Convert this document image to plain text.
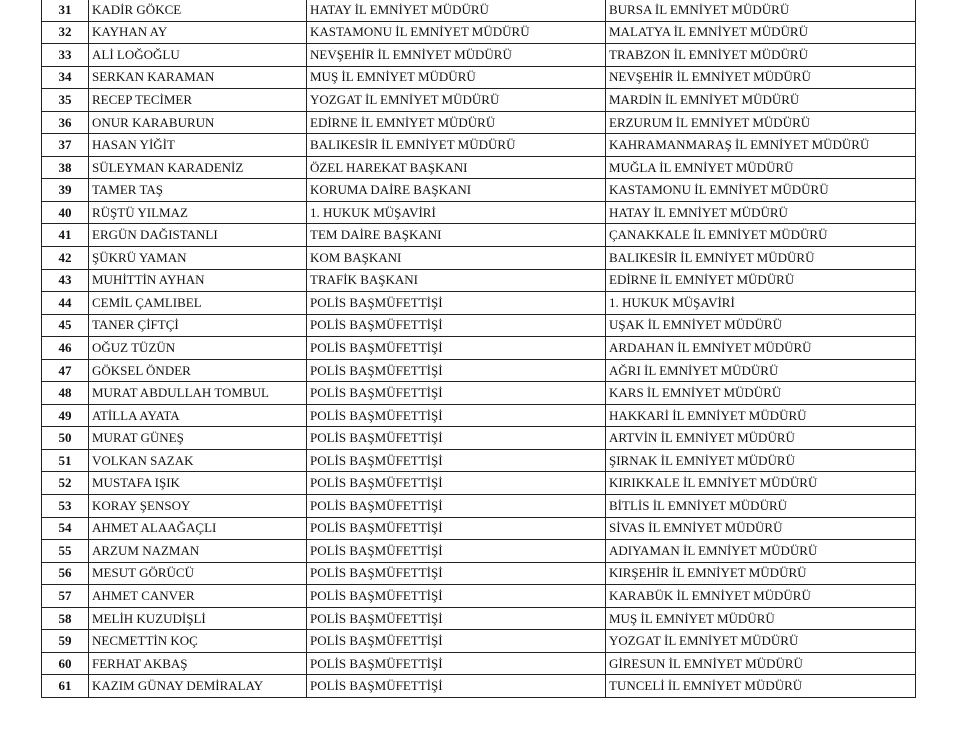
31	KADİR GÖKCE	HATAY İL EMNİYET MÜDÜRÜ	BURSA İL EMNİYET MÜDÜRÜ
32	KAYHAN AY	KASTAMONU İL EMNİYET MÜDÜRÜ	MALATYA İL EMNİYET MÜDÜRÜ
33	ALİ LOĞOĞLU	NEVŞEHİR İL EMNİYET MÜDÜRÜ	TRABZON İL EMNİYET MÜDÜRÜ
34	SERKAN KARAMAN	MUŞ İL EMNİYET MÜDÜRÜ	NEVŞEHİR İL EMNİYET MÜDÜRÜ
35	RECEP TECİMER	YOZGAT İL EMNİYET MÜDÜRÜ	MARDİN İL EMNİYET MÜDÜRÜ
36	ONUR KARABURUN	EDİRNE İL EMNİYET MÜDÜRÜ	ERZURUM İL EMNİYET MÜDÜRÜ
37	HASAN YİĞİT	BALIKESİR İL EMNİYET MÜDÜRÜ	KAHRAMANMARAŞ İL EMNİYET MÜDÜRÜ
38	SÜLEYMAN KARADENİZ	ÖZEL HAREKAT BAŞKANI	MUĞLA İL EMNİYET MÜDÜRÜ
39	TAMER TAŞ	KORUMA DAİRE BAŞKANI	KASTAMONU İL EMNİYET MÜDÜRÜ
40	RÜŞTÜ YILMAZ	1. HUKUK MÜŞAVİRİ	HATAY İL EMNİYET MÜDÜRÜ
41	ERGÜN DAĞISTANLI	TEM DAİRE BAŞKANI	ÇANAKKALE İL EMNİYET MÜDÜRÜ
42	ŞÜKRÜ YAMAN	KOM BAŞKANI	BALIKESİR İL EMNİYET MÜDÜRÜ
43	MUHİTTİN AYHAN	TRAFİK BAŞKANI	EDİRNE İL EMNİYET MÜDÜRÜ
44	CEMİL ÇAMLIBEL	POLİS BAŞMÜFETTİŞİ	1. HUKUK MÜŞAVİRİ
45	TANER ÇİFTÇİ	POLİS BAŞMÜFETTİŞİ	UŞAK İL EMNİYET MÜDÜRÜ
46	OĞUZ TÜZÜN	POLİS BAŞMÜFETTİŞİ	ARDAHAN İL EMNİYET MÜDÜRÜ
47	GÖKSEL ÖNDER	POLİS BAŞMÜFETTİŞİ	AĞRI İL EMNİYET MÜDÜRÜ
48	MURAT ABDULLAH TOMBUL	POLİS BAŞMÜFETTİŞİ	KARS İL EMNİYET MÜDÜRÜ
49	ATİLLA AYATA	POLİS BAŞMÜFETTİŞİ	HAKKARİ İL EMNİYET MÜDÜRÜ
50	MURAT GÜNEŞ	POLİS BAŞMÜFETTİŞİ	ARTVİN İL EMNİYET MÜDÜRÜ
51	VOLKAN SAZAK	POLİS BAŞMÜFETTİŞİ	ŞIRNAK İL EMNİYET MÜDÜRÜ
52	MUSTAFA IŞIK	POLİS BAŞMÜFETTİŞİ	KIRIKKALE İL EMNİYET MÜDÜRÜ
53	KORAY ŞENSOY	POLİS BAŞMÜFETTİŞİ	BİTLİS İL EMNİYET MÜDÜRÜ
54	AHMET ALAAĞAÇLI	POLİS BAŞMÜFETTİŞİ	SİVAS İL EMNİYET MÜDÜRÜ
55	ARZUM NAZMAN	POLİS BAŞMÜFETTİŞİ	ADIYAMAN İL EMNİYET MÜDÜRÜ
56	MESUT GÖRÜCÜ	POLİS BAŞMÜFETTİŞİ	KIRŞEHİR İL EMNİYET MÜDÜRÜ
57	AHMET CANVER	POLİS BAŞMÜFETTİŞİ	KARABÜK İL EMNİYET MÜDÜRÜ
58	MELİH KUZUDİŞLİ	POLİS BAŞMÜFETTİŞİ	MUŞ İL EMNİYET MÜDÜRÜ
59	NECMETTİN KOÇ	POLİS BAŞMÜFETTİŞİ	YOZGAT İL EMNİYET MÜDÜRÜ
60	FERHAT AKBAŞ	POLİS BAŞMÜFETTİŞİ	GİRESUN İL EMNİYET MÜDÜRÜ
61	KAZIM GÜNAY DEMİRALAY	POLİS BAŞMÜFETTİŞİ	TUNCELİ İL EMNİYET MÜDÜRÜ
